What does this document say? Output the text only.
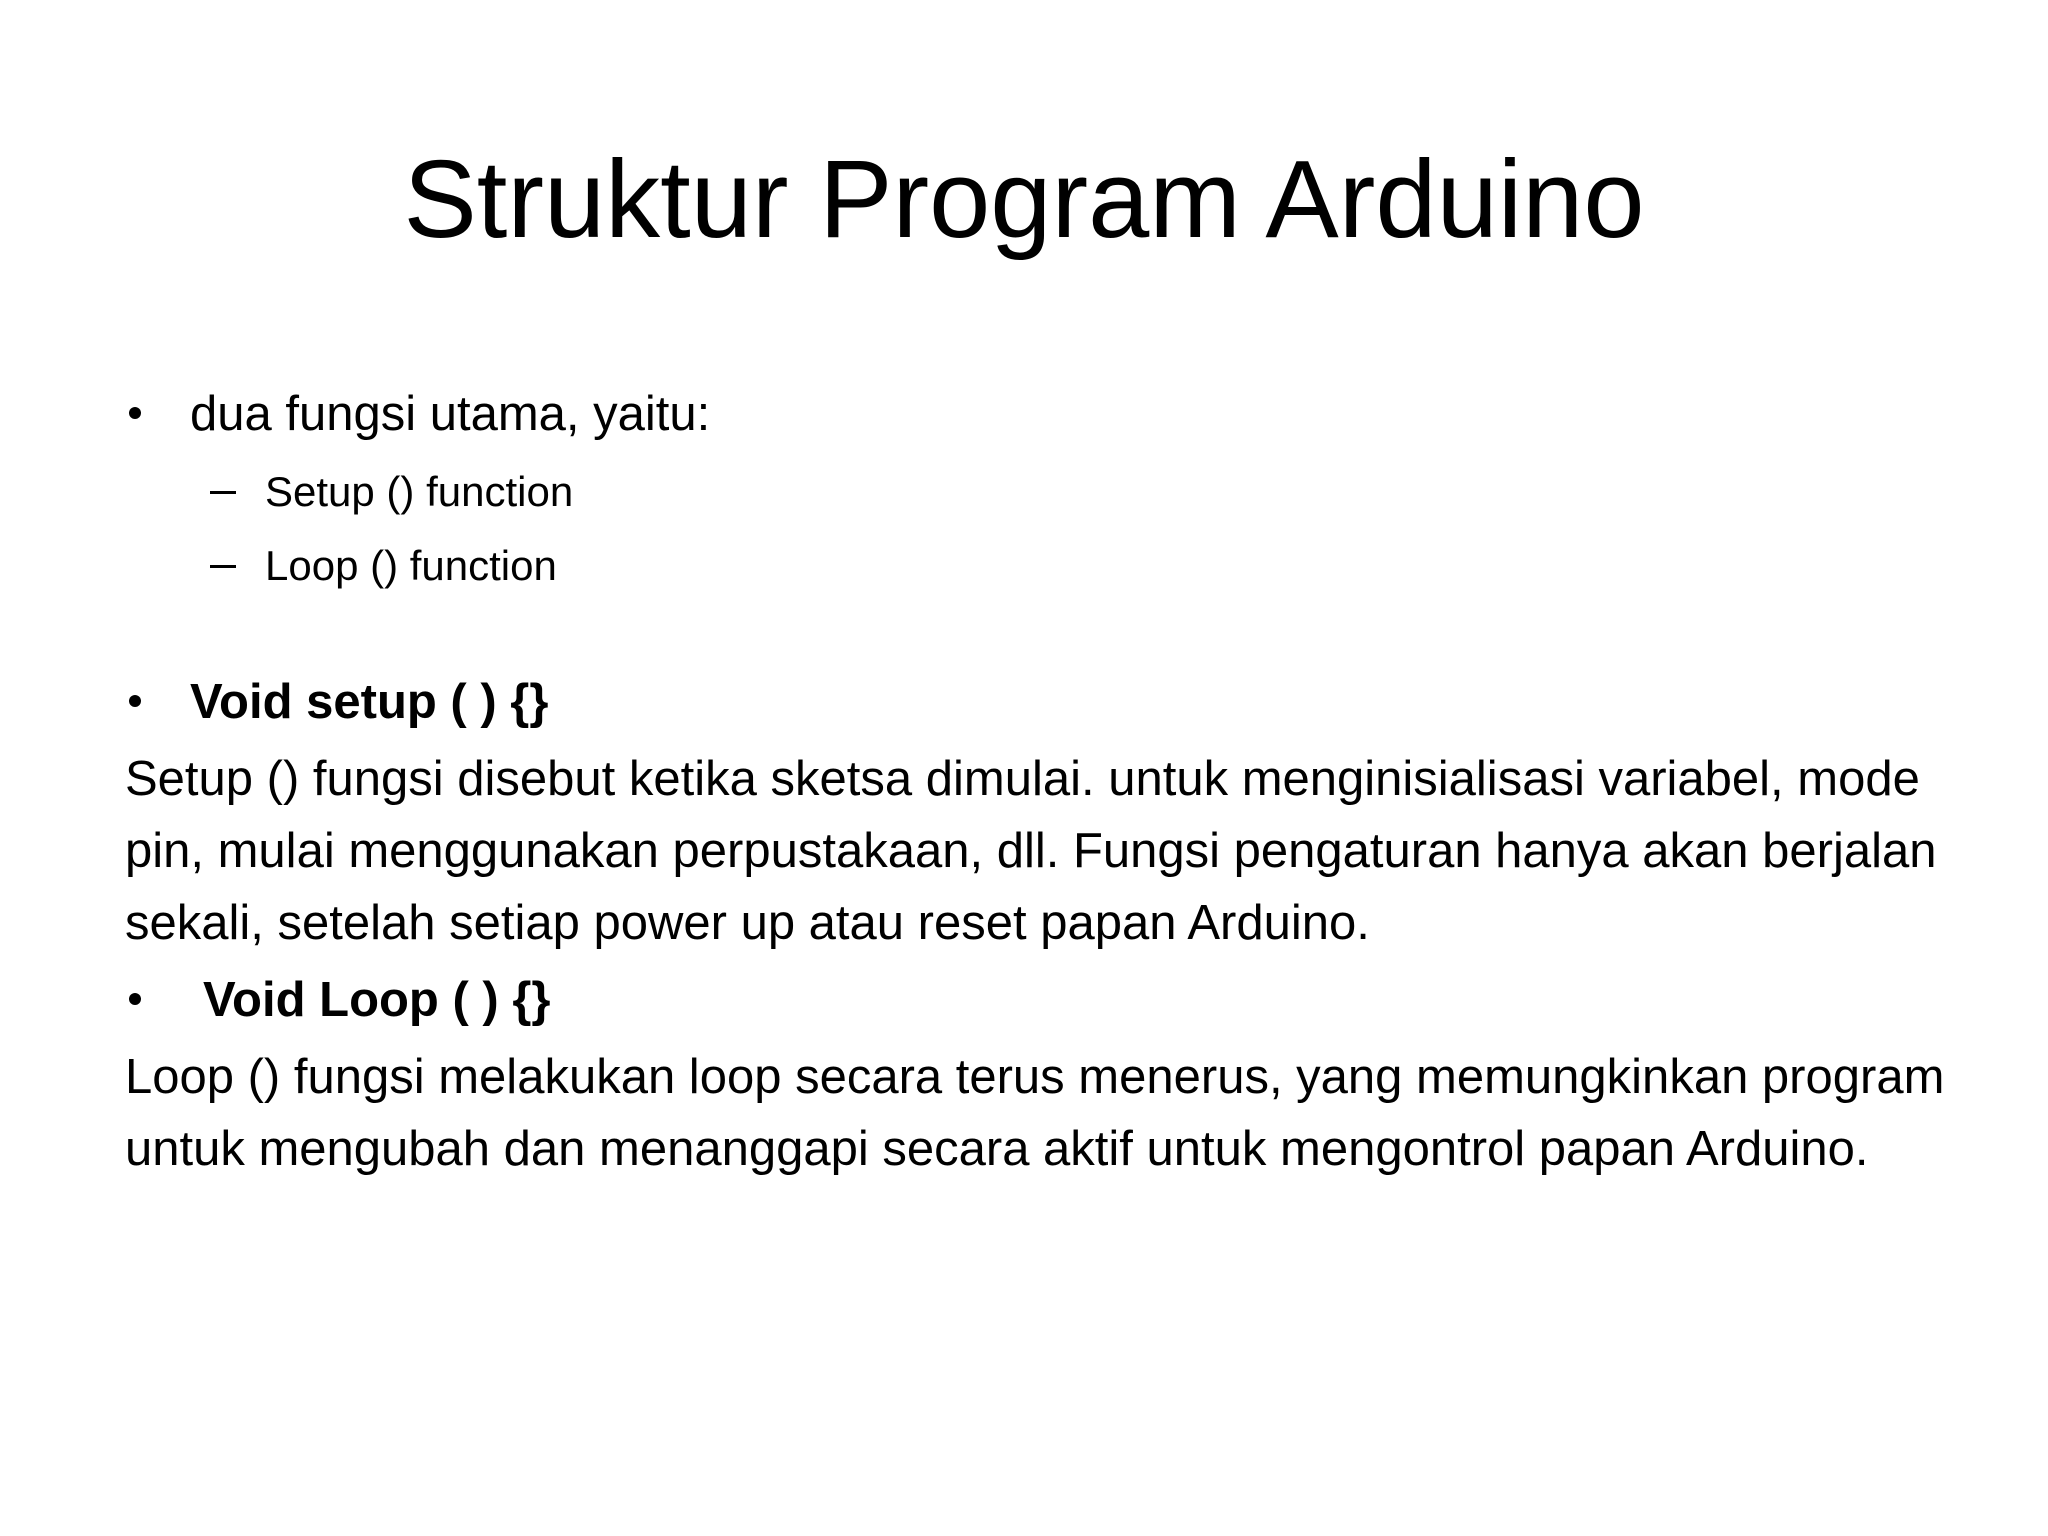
Struktur Program Arduino
dua fungsi utama, yaitu:
Setup () function
Loop () function
Void setup ( ) {}

Setup () fungsi disebut ketika sketsa dimulai. untuk menginisialisasi variabel, mode pin, mulai menggunakan perpustakaan, dll. Fungsi pengaturan hanya akan berjalan sekali, setelah setiap power up atau reset papan Arduino.

Void Loop ( ) {}

Loop () fungsi melakukan loop secara terus menerus, yang memungkinkan program untuk mengubah dan menanggapi secara aktif untuk mengontrol papan Arduino.
